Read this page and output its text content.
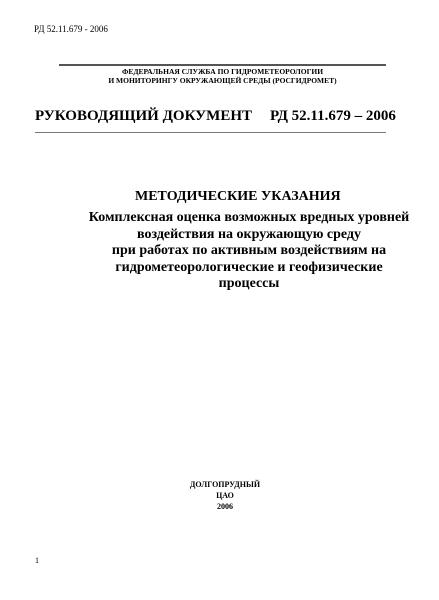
РД 52.11.679 - 2006
ФЕДЕРАЛЬНАЯ СЛУЖБА ПО ГИДРОМЕТЕОРОЛОГИИ
И МОНИТОРИНГУ ОКРУЖАЮЩЕЙ СРЕДЫ (РОСГИДРОМЕТ)
РУКОВОДЯЩИЙ ДОКУМЕНТ РД 52.11.679 – 2006
МЕТОДИЧЕСКИЕ УКАЗАНИЯ
Комплексная оценка возможных вредных уровней
воздействия на окружающую среду
при работах по активным воздействиям на
гидрометеорологические и геофизические
процессы
ДОЛГОПРУДНЫЙ
ЦАО
2006
1
